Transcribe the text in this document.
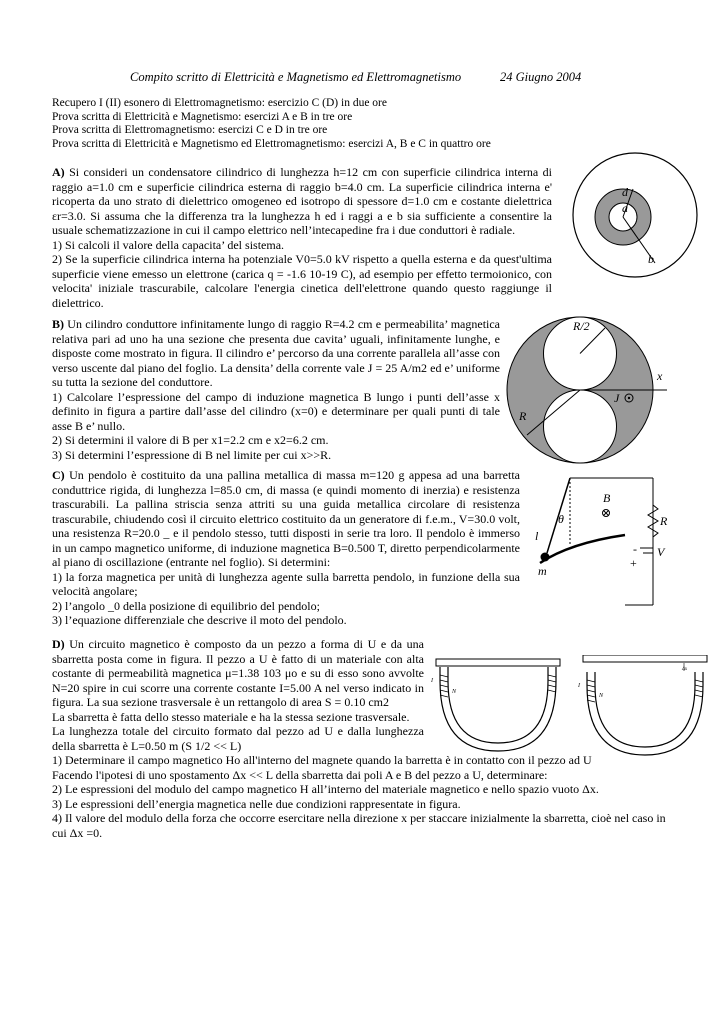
Compito scritto di Elettricità e Magnetismo ed Elettromagnetismo	24 Giugno 2004

Recupero I (II) esonero di Elettromagnetismo: esercizio C (D) in due ore

Prova scritta di Elettricità e Magnetismo: esercizi A e B in tre ore

Prova scritta di Elettromagnetismo: esercizi C e D in tre ore

Prova scritta di Elettricità e Magnetismo ed Elettromagnetismo: esercizi A, B e C in quattro ore

A) Si consideri un condensatore cilindrico di lunghezza h=12 cm con superficie cilindrica interna di raggio a=1.0 cm e superficie cilindrica esterna di raggio b=4.0 cm. La superficie cilindrica interna e' ricoperta da uno strato di dielettrico omogeneo ed isotropo di spessore d=1.0 cm e costante dielettrica εr=3.0. Si assuma che la differenza tra la lunghezza h ed i raggi a e b sia sufficiente a consentire la usuale schematizzazione in cui il campo elettrico nell’intecapedine fra i due conduttori è radiale.

1) Si calcoli il valore della capacita’ del sistema.

2) Se la superficie cilindrica interna ha potenziale V0=5.0 kV rispetto a quella esterna e da quest'ultima superficie viene emesso un elettrone (carica q = -1.6 10-19 C), ad esempio per effetto termoionico, con velocita' iniziale trascurabile, calcolare l'energia cinetica dell'elettrone quando questo raggiunge il dielettrico.

d
a
b

B) Un cilindro conduttore infinitamente lungo di raggio R=4.2 cm e permeabilita’ magnetica relativa pari ad uno ha una sezione che presenta due cavita’ uguali, infinitamente lunghe, e disposte come mostrato in figura. Il cilindro e’ percorso da una corrente parallela all’asse con verso uscente dal piano del foglio. La densita’ della corrente vale J = 25 A/m2 ed e’ uniforme su tutta la sezione del conduttore.

1) Calcolare l’espressione del campo di induzione magnetica B lungo i punti dell’asse x definito in figura a partire dall’asse del cilindro (x=0) e determinare per quali punti di tale asse B e’ nullo.

2) Si determini il valore di B per x1=2.2 cm e x2=6.2 cm.

3) Si determini l’espressione di B nel limite per cui x>>R.

R/2
x
J
R

C) Un pendolo è costituito da una pallina metallica di massa m=120 g appesa ad una barretta conduttrice rigida, di lunghezza l=85.0 cm, di massa (e quindi momento di inerzia) e resistenza trascurabili. La pallina striscia senza attriti su una guida metallica circolare di resistenza trascurabile, chiudendo così il circuito elettrico costituito da un generatore di f.e.m., V=30.0 volt, una resistenza R=20.0 _ e il pendolo stesso, tutti disposti in serie tra loro. Il pendolo è immerso in un campo magnetico uniforme, di induzione magnetica B=0.500 T, diretto perpendicolarmente al piano di oscillazione (entrante nel foglio). Si determini:

1) la forza magnetica per unità di lunghezza agente sulla barretta pendolo, in funzione della sua velocità angolare;

2) l’angolo _0 della posizione di equilibrio del pendolo;

3) l’equazione differenziale che descrive il moto del pendolo.

B
θ	R
l
- V
+
m

D) Un circuito magnetico è composto da un pezzo a forma di U e da una sbarretta posta come in figura. Il pezzo a U è fatto di un materiale con alta costante di permeabilità magnetica μ=1.38 103 μo e su di esso sono avvolte N=20 spire in cui scorre una corrente costante I=5.00 A nel verso indicato in figura. La sua sezione trasversale è un rettangolo di area S = 0.10 cm2

La sbarretta è fatta dello stesso materiale e ha la stessa sezione trasversale.

La lunghezza totale del circuito formato dal pezzo ad U e dalla lunghezza della sbarretta è L=0.50 m (S 1/2 << L)

1) Determinare il campo magnetico Ho all'interno del magnete quando la barretta è in contatto con il pezzo ad U

Facendo l'ipotesi di uno spostamento Δx << L della sbarretta dai poli A e B del pezzo a U, determinare:

2) Le espressioni del modulo del campo magnetico H all’interno del materiale magnetico e nello spazio vuoto Δx.

3) Le espressioni dell’energia magnetica nelle due condizioni rappresentate in figura.

4) Il valore del modulo della forza che occorre esercitare nella direzione x per staccare inizialmente la sbarretta, cioè nel caso in cui Δx =0.

I
N
Δx
I
N
